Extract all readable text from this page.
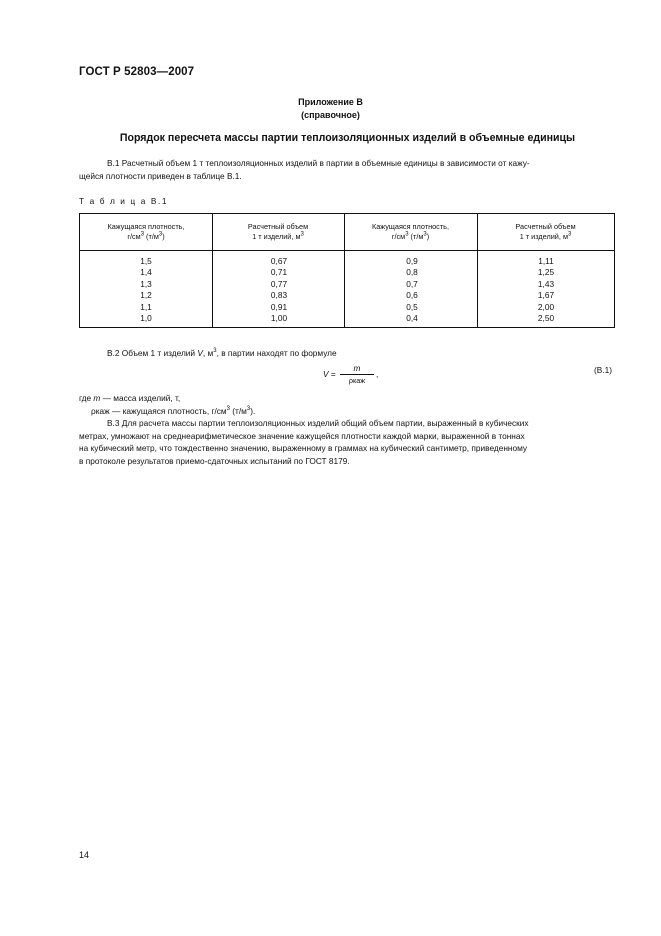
ГОСТ Р 52803—2007
Приложение В
(справочное)
Порядок пересчета массы партии теплоизоляционных изделий в объемные единицы
В.1 Расчетный объем 1 т теплоизоляционных изделий в партии в объемные единицы в зависимости от кажу-
щейся плотности приведен в таблице В.1.
Т а б л и ц а В.1
Кажущаяся плотность,
$г/см^3$ $(т/м^3)$
Расчетный объем
1 т изделий, $м^3$
Кажущаяся плотность,
$г/см^3$ $(т/м^3)$
Расчетный объем
1 т изделий, $м^3$
1,5
1,4
1,3
1,2
1,1
1,0
0,67
0,71
0,77
0,83
0,91
1,00
0,9
0,8
0,7
0,6
0,5
0,4
1,11
1,25
1,43
1,67
2,00
2,50
В.2 Объем 1 т изделий V, $м^3$, в партии находят по формуле
V =
m
ρкаж
,	(В.1)
где m — масса изделий, т,
ρкаж — кажущаяся плотность, $г/см^3$ $(т/м^3)$.
В.3 Для расчета массы партии теплоизоляционных изделий общий объем партии, выраженный в кубических
метрах, умножают на среднеарифметическое значение кажущейся плотности каждой марки, выраженной в тоннах
на кубический метр, что тождественно значению, выраженному в граммах на кубический сантиметр, приведенному
в протоколе результатов приемо-сдаточных испытаний по ГОСТ 8179.
14
